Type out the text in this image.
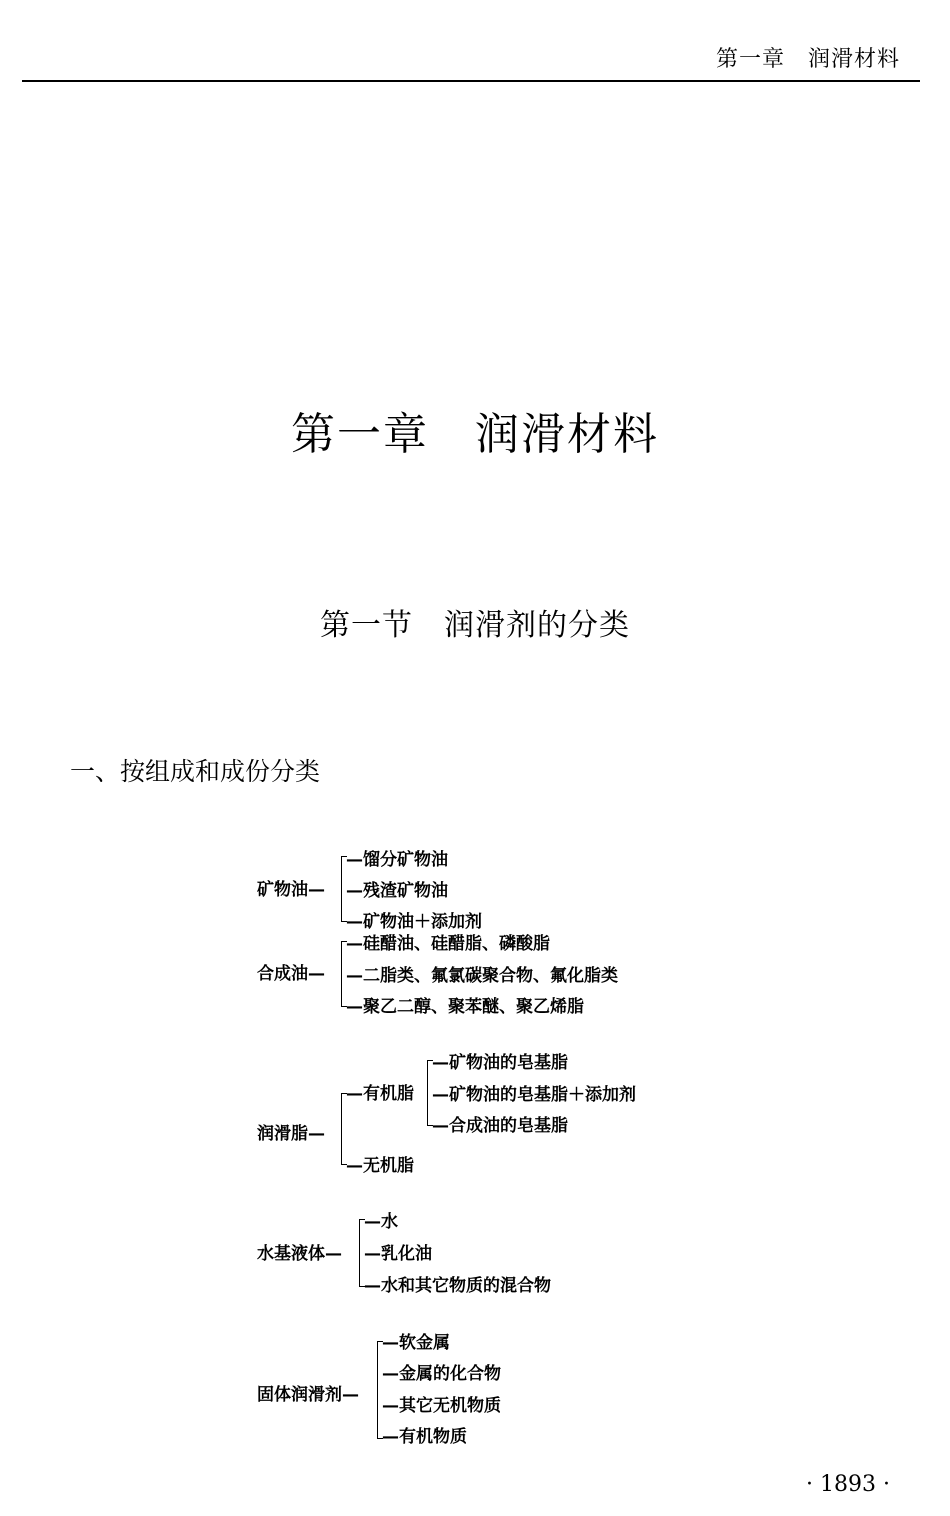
第一章　润滑材料
第一章　润滑材料
第一节　润滑剂的分类
一、按组成和成份分类
矿物油—
—馏分矿物油
—残渣矿物油
—矿物油＋添加剂
合成油—
—硅醋油、硅醋脂、磷酸脂
—二脂类、氟氯碳聚合物、氟化脂类
—聚乙二醇、聚苯醚、聚乙烯脂
润滑脂—
—有机脂
—无机脂
—矿物油的皂基脂
—矿物油的皂基脂＋添加剂
—合成油的皂基脂
水基液体—
—水
—乳化油
—水和其它物质的混合物
固体润滑剂—
—软金属
—金属的化合物
—其它无机物质
—有机物质
· 1893 ·
